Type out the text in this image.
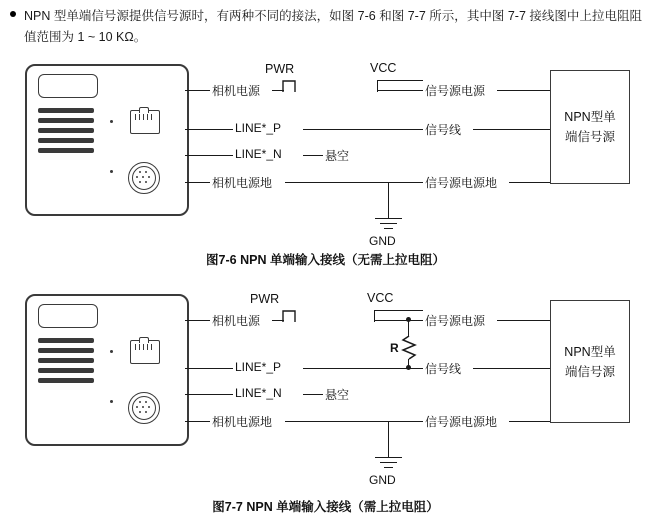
NPN 型单端信号源提供信号源时，有两种不同的接法，如图 7-6 和图 7-7 所示，其中图 7-7 接线图中上拉电阻阻值范围为 1 ~ 10 KΩ。
相机电源
LINE*_P
LINE*_N	悬空
相机电源地
PWR	VCC
信号源电源
信号线
信号源电源地
GND
NPN型单
端信号源
图7-6 NPN 单端输入接线（无需上拉电阻）
相机电源
LINE*_P
LINE*_N	悬空
相机电源地
PWR	VCC
信号源电源
R
信号线
信号源电源地
GND
NPN型单
端信号源
图7-7 NPN 单端输入接线（需上拉电阻）
